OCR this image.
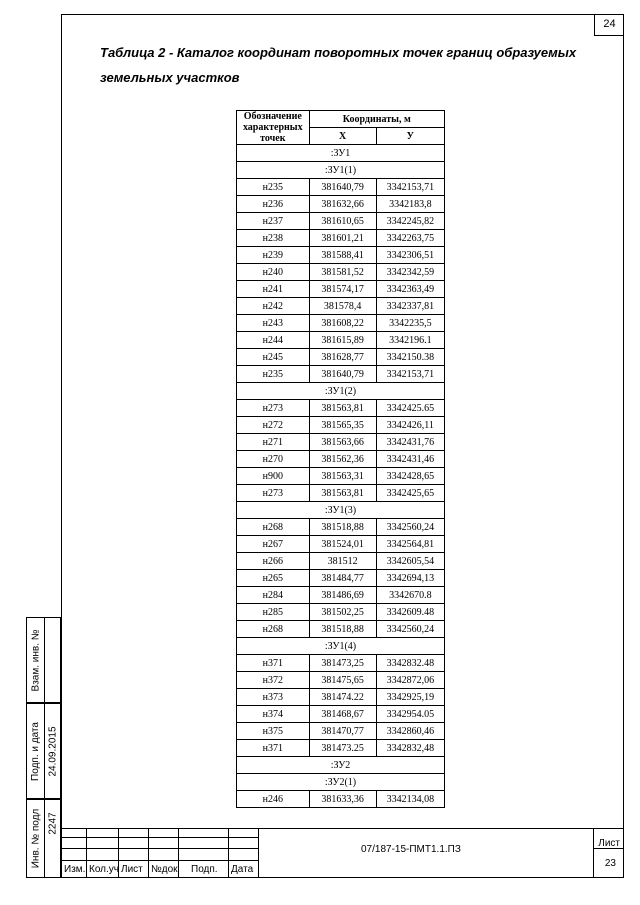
24
Таблица 2 - Каталог координат поворотных точек границ образуемых земельных участков
Обозначение характерных точек	Координаты, м	
	Х	У
:ЗУ1		
:ЗУ1(1)		
н235	381640,79	3342153,71
н236	381632,66	3342183,8
н237	381610,65	3342245,82
н238	381601,21	3342263,75
н239	381588,41	3342306,51
н240	381581,52	3342342,59
н241	381574,17	3342363,49
н242	381578,4	3342337,81
н243	381608,22	3342235,5
н244	381615,89	3342196.1
н245	381628,77	3342150.38
н235	381640,79	3342153,71
:ЗУ1(2)		
н273	381563,81	3342425.65
н272	381565,35	3342426,11
н271	381563,66	3342431,76
н270	381562,36	3342431,46
н900	381563,31	3342428,65
н273	381563,81	3342425,65
:ЗУ1(3)		
н268	381518,88	3342560,24
н267	381524,01	3342564,81
н266	381512	3342605,54
н265	381484,77	3342694,13
н284	381486,69	3342670.8
н285	381502,25	3342609.48
н268	381518,88	3342560,24
:ЗУ1(4)		
н371	381473,25	3342832.48
н372	381475,65	3342872,06
н373	381474.22	3342925,19
н374	381468,67	3342954.05
н375	381470,77	3342860,46
н371	381473.25	3342832,48
:ЗУ2		
:ЗУ2(1)		
н246	381633,36	3342134,08
Взам. инв. №
Подп. и дата 24.09.2015
Инв. № подл 2247
Изм. Кол.уч Лист №док Подп. Дата
07/187-15-ПМТ1.1.ПЗ
Лист
23
